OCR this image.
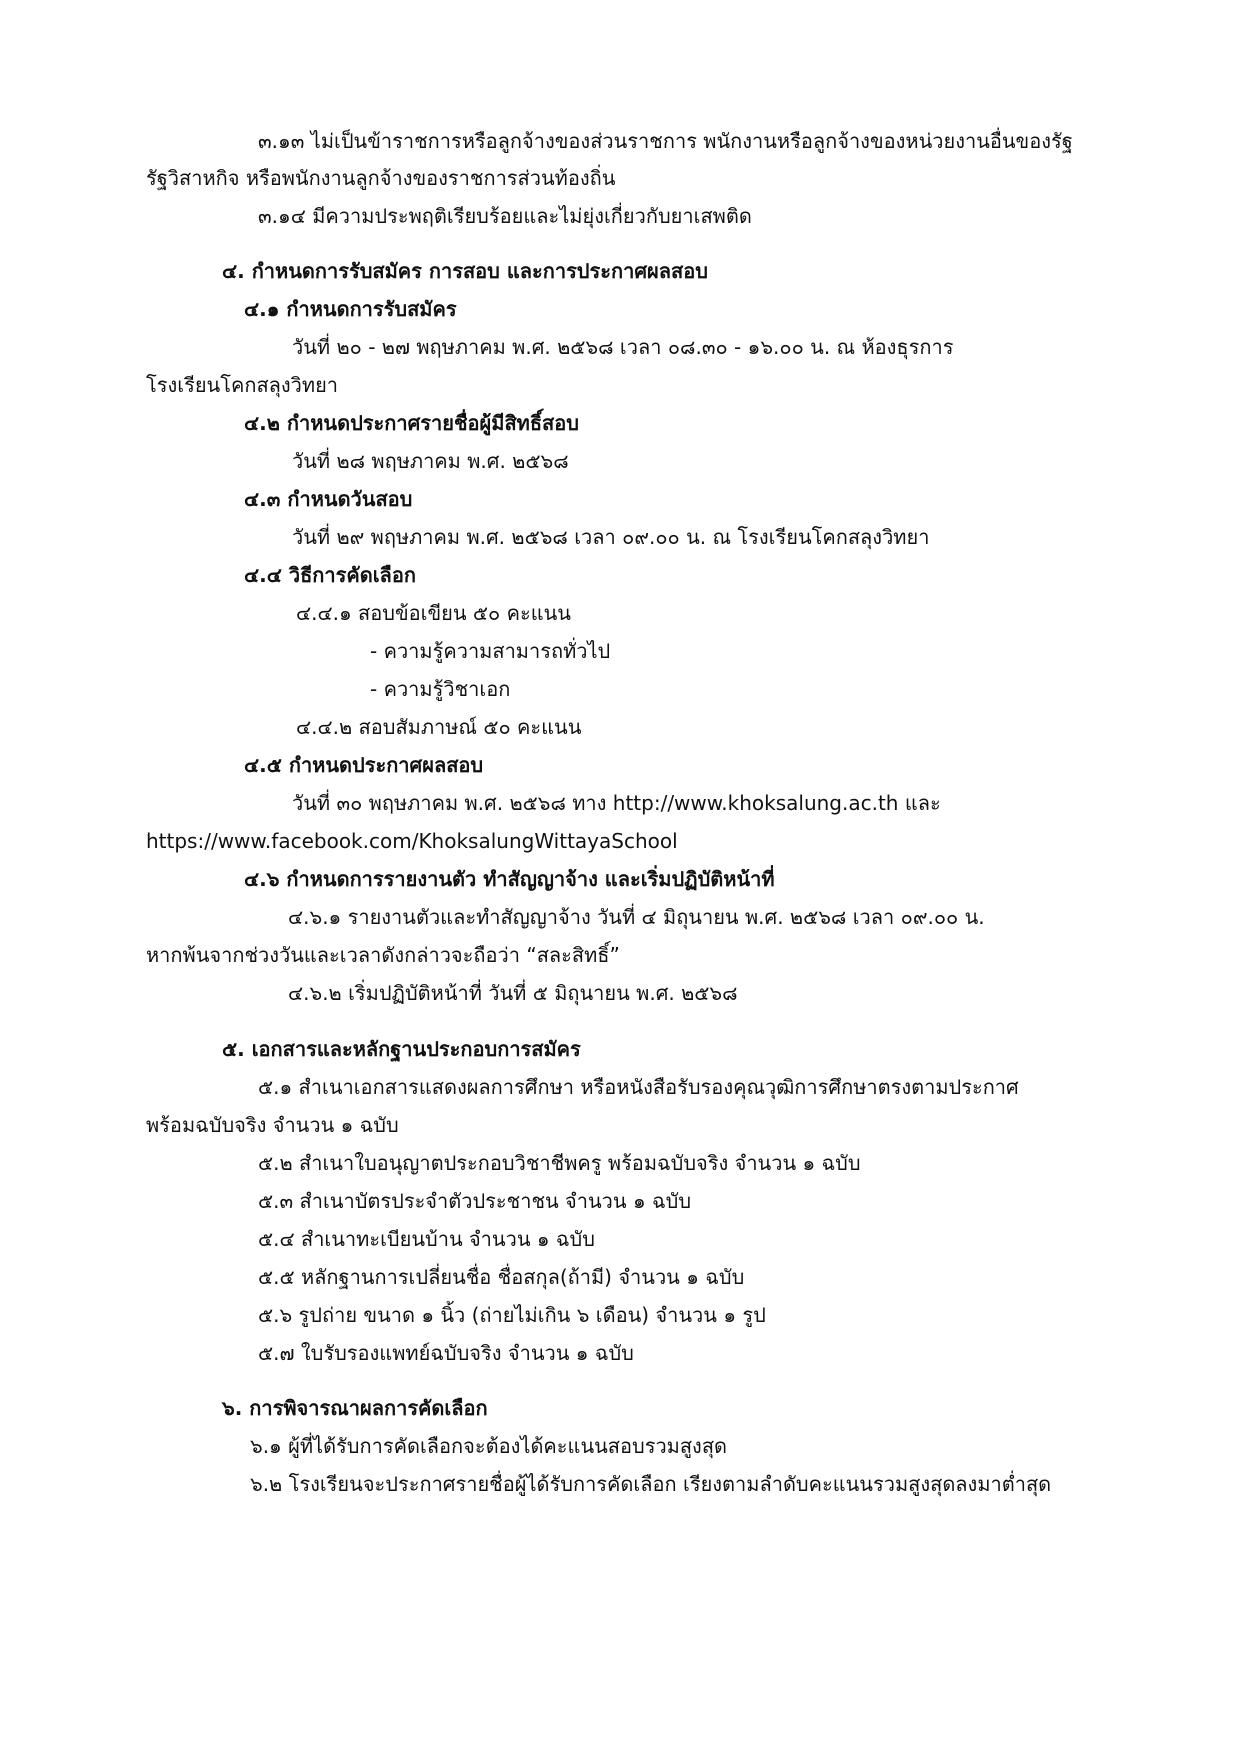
๓.๑๓ ไม่เป็นข้าราชการหรือลูกจ้างของส่วนราชการ พนักงานหรือลูกจ้างของหน่วยงานอื่นของรัฐ
รัฐวิสาหกิจ หรือพนักงานลูกจ้างของราชการส่วนท้องถิ่น
๓.๑๔ มีความประพฤติเรียบร้อยและไม่ยุ่งเกี่ยวกับยาเสพติด
๔. กำหนดการรับสมัคร การสอบ และการประกาศผลสอบ
๔.๑ กำหนดการรับสมัคร
วันที่ ๒๐ - ๒๗ พฤษภาคม พ.ศ. ๒๕๖๘ เวลา ๐๘.๓๐ - ๑๖.๐๐ น. ณ ห้องธุรการ
โรงเรียนโคกสลุงวิทยา
๔.๒ กำหนดประกาศรายชื่อผู้มีสิทธิ์สอบ
วันที่ ๒๘ พฤษภาคม พ.ศ. ๒๕๖๘
๔.๓ กำหนดวันสอบ
วันที่ ๒๙ พฤษภาคม พ.ศ. ๒๕๖๘ เวลา ๐๙.๐๐ น. ณ โรงเรียนโคกสลุงวิทยา
๔.๔ วิธีการคัดเลือก
๔.๔.๑ สอบข้อเขียน ๕๐ คะแนน
- ความรู้ความสามารถทั่วไป
- ความรู้วิชาเอก
๔.๔.๒ สอบสัมภาษณ์ ๕๐ คะแนน
๔.๕ กำหนดประกาศผลสอบ
วันที่ ๓๐ พฤษภาคม พ.ศ. ๒๕๖๘ ทาง http://www.khoksalung.ac.th และ
https://www.facebook.com/KhoksalungWittayaSchool
๔.๖ กำหนดการรายงานตัว ทำสัญญาจ้าง และเริ่มปฏิบัติหน้าที่
๔.๖.๑ รายงานตัวและทำสัญญาจ้าง วันที่ ๔ มิถุนายน พ.ศ. ๒๕๖๘ เวลา ๐๙.๐๐ น.
หากพ้นจากช่วงวันและเวลาดังกล่าวจะถือว่า “สละสิทธิ์”
๔.๖.๒ เริ่มปฏิบัติหน้าที่ วันที่ ๕ มิถุนายน พ.ศ. ๒๕๖๘
๕. เอกสารและหลักฐานประกอบการสมัคร
๕.๑ สำเนาเอกสารแสดงผลการศึกษา หรือหนังสือรับรองคุณวุฒิการศึกษาตรงตามประกาศ
พร้อมฉบับจริง จำนวน ๑ ฉบับ
๕.๒ สำเนาใบอนุญาตประกอบวิชาชีพครู พร้อมฉบับจริง จำนวน ๑ ฉบับ
๕.๓ สำเนาบัตรประจำตัวประชาชน จำนวน ๑ ฉบับ
๕.๔ สำเนาทะเบียนบ้าน จำนวน ๑ ฉบับ
๕.๕ หลักฐานการเปลี่ยนชื่อ ชื่อสกุล(ถ้ามี) จำนวน ๑ ฉบับ
๕.๖ รูปถ่าย ขนาด ๑ นิ้ว (ถ่ายไม่เกิน ๖ เดือน) จำนวน ๑ รูป
๕.๗ ใบรับรองแพทย์ฉบับจริง จำนวน ๑ ฉบับ
๖. การพิจารณาผลการคัดเลือก
๖.๑ ผู้ที่ได้รับการคัดเลือกจะต้องได้คะแนนสอบรวมสูงสุด
๖.๒ โรงเรียนจะประกาศรายชื่อผู้ได้รับการคัดเลือก เรียงตามลำดับคะแนนรวมสูงสุดลงมาต่ำสุด
